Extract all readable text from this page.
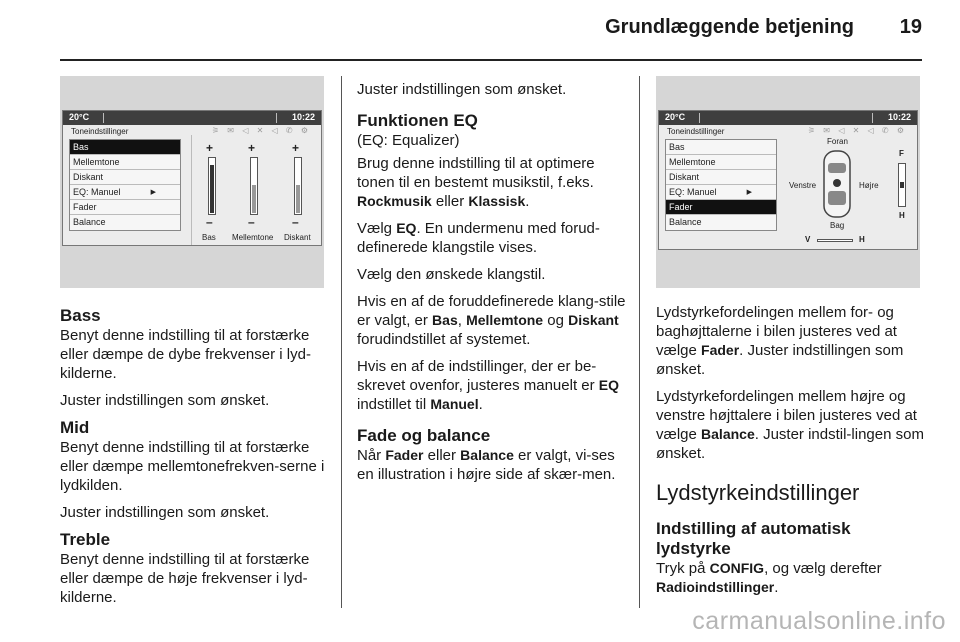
Grundlæggende betjening 19
20°C	10:22
Toneindstillinger	⚞ ✉ ◁ ✕ ◁ ✆ ⚙
Bas
Mellemtone
Diskant
EQ: Manuel	▶
Fader
Balance
+
–
+
–
+
–
Bas Mellemtone Diskant
Bass

Benyt denne indstilling til at forstærke eller dæmpe de dybe frekvenser i lyd-kilderne.

Juster indstillingen som ønsket.

Mid

Benyt denne indstilling til at forstærke eller dæmpe mellemtonefrekven-serne i lydkilden.

Juster indstillingen som ønsket.

Treble

Benyt denne indstilling til at forstærke eller dæmpe de høje frekvenser i lyd-kilderne.

Juster indstillingen som ønsket.

Funktionen EQ

(EQ: Equalizer)

Brug denne indstilling til at optimere tonen til en bestemt musikstil, f.eks. Rockmusik eller Klassisk.

Vælg EQ. En undermenu med forud-definerede klangstile vises.

Vælg den ønskede klangstil.

Hvis en af de foruddefinerede klang-stile er valgt, er Bas, Mellemtone og Diskant forudindstillet af systemet.

Hvis en af de indstillinger, der er be-skrevet ovenfor, justeres manuelt er EQ indstillet til Manuel.

Fade og balance

Når Fader eller Balance er valgt, vi-ses en illustration i højre side af skær-men.

20°C	10:22
Toneindstillinger	⚞ ✉ ◁ ✕ ◁ ✆ ⚙
Bas
Mellemtone
Diskant
EQ: Manuel	▶
Fader
Balance
Foran
Venstre	Højre
Bag
F
H
V	H

Lydstyrkefordelingen mellem for- og baghøjttalerne i bilen justeres ved at vælge Fader. Juster indstillingen som ønsket.

Lydstyrkefordelingen mellem højre og venstre højttalere i bilen justeres ved at vælge Balance. Juster indstil-lingen som ønsket.

Lydstyrkeindstillinger
Indstilling af automatisk lydstyrke

Tryk på CONFIG, og vælg derefter Radioindstillinger.

carmanualsonline.info
